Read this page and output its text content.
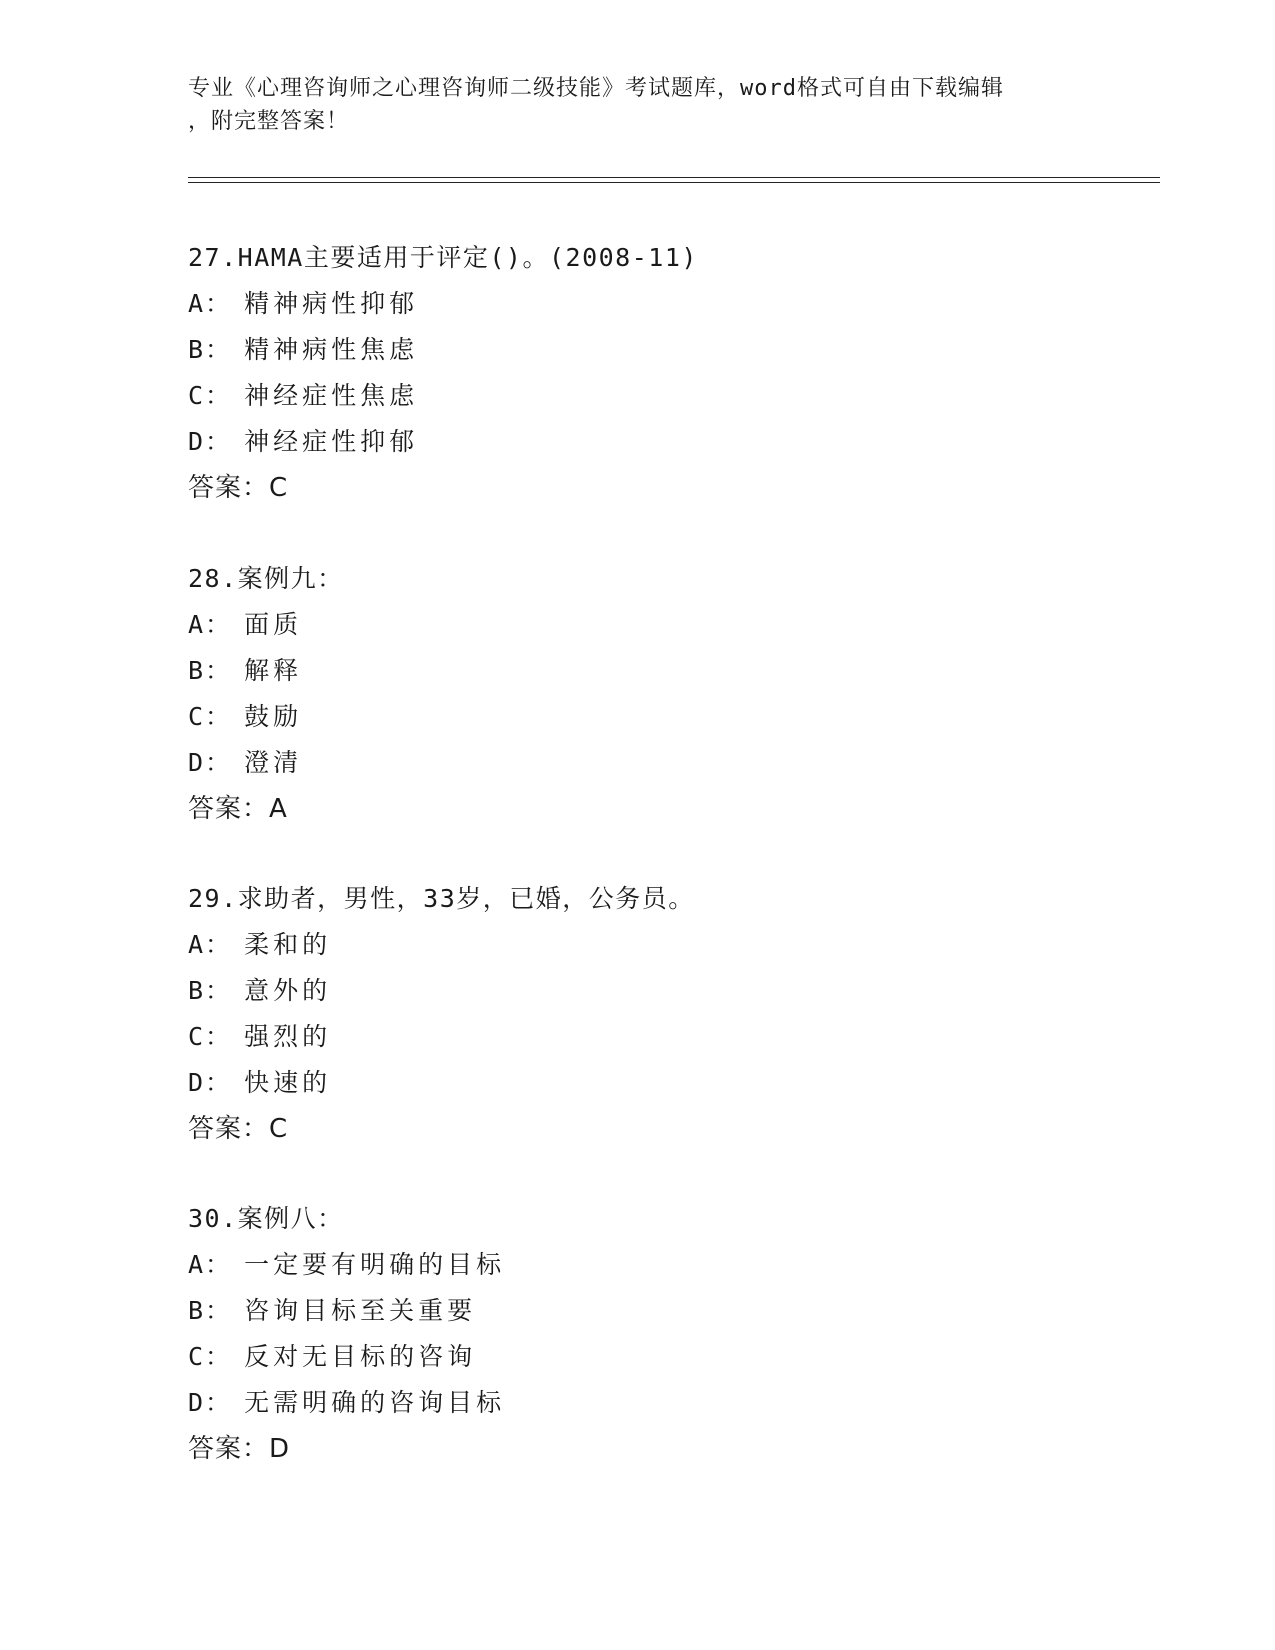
专业《心理咨询师之心理咨询师二级技能》考试题库，word格式可自由下载编辑
，附完整答案！
27.HAMA主要适用于评定()。(2008-11)
A： 精神病性抑郁
B： 精神病性焦虑
C： 神经症性焦虑
D： 神经症性抑郁
答案：C
28.案例九：
A： 面质
B： 解释
C： 鼓励
D： 澄清
答案：A
29.求助者，男性，33岁，已婚，公务员。
A： 柔和的
B： 意外的
C： 强烈的
D： 快速的
答案：C
30.案例八：
A： 一定要有明确的目标
B： 咨询目标至关重要
C： 反对无目标的咨询
D： 无需明确的咨询目标
答案：D
